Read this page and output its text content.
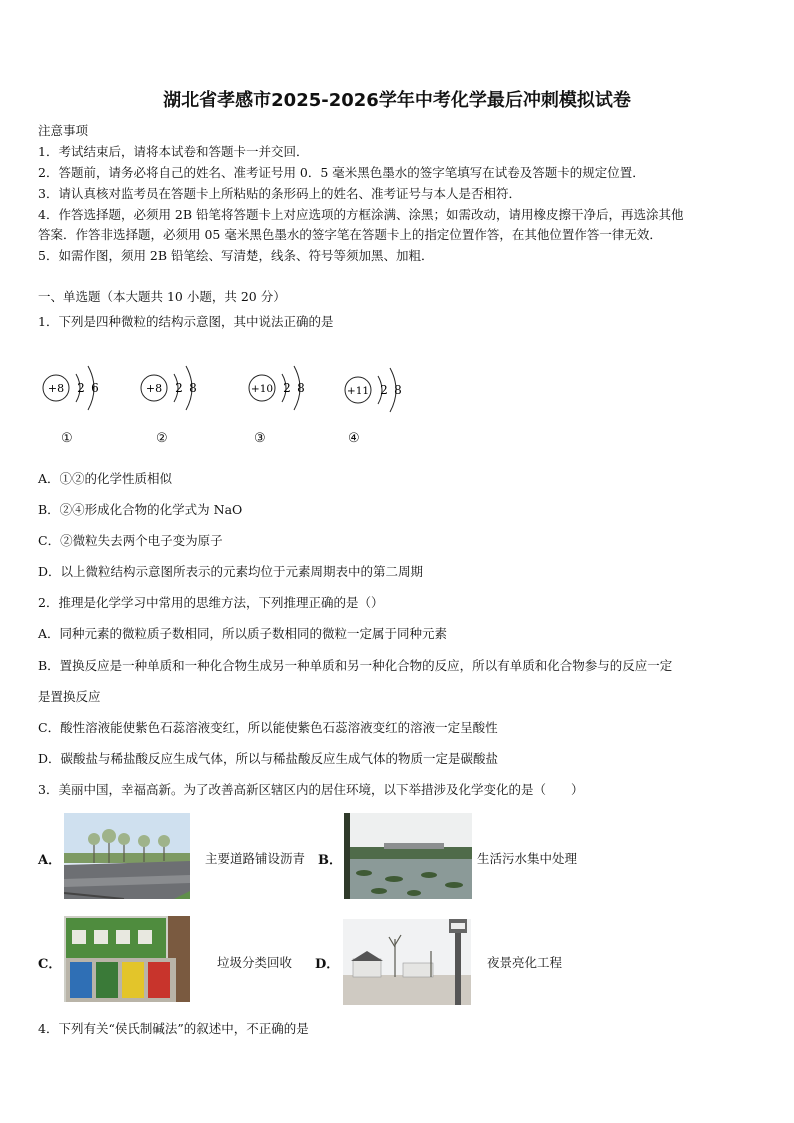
湖北省孝感市2025-2026学年中考化学最后冲刺模拟试卷
注意事项
1．考试结束后，请将本试卷和答题卡一并交回．
2．答题前，请务必将自己的姓名、准考证号用 0．5 毫米黑色墨水的签字笔填写在试卷及答题卡的规定位置．
3．请认真核对监考员在答题卡上所粘贴的条形码上的姓名、准考证号与本人是否相符．
4．作答选择题，必须用 2B 铅笔将答题卡上对应选项的方框涂满、涂黑；如需改动，请用橡皮擦干净后，再选涂其他
答案．作答非选择题，必须用 05 毫米黑色墨水的签字笔在答题卡上的指定位置作答，在其他位置作答一律无效．
5．如需作图，须用 2B 铅笔绘、写清楚，线条、符号等须加黑、加粗．
一、单选题（本大题共 10 小题，共 20 分）
1．下列是四种微粒的结构示意图，其中说法正确的是
+8 2 6	+8 2 8	+10 2 8	+11 2 8
①	②	③	④
A．①②的化学性质相似
B．②④形成化合物的化学式为 NaO
C．②微粒失去两个电子变为原子
D．以上微粒结构示意图所表示的元素均位于元素周期表中的第二周期
2．推理是化学学习中常用的思维方法，下列推理正确的是（）
A．同种元素的微粒质子数相同，所以质子数相同的微粒一定属于同种元素
B．置换反应是一种单质和一种化合物生成另一种单质和另一种化合物的反应，所以有单质和化合物参与的反应一定
是置换反应
C．酸性溶液能使紫色石蕊溶液变红，所以能使紫色石蕊溶液变红的溶液一定呈酸性
D．碳酸盐与稀盐酸反应生成气体，所以与稀盐酸反应生成气体的物质一定是碳酸盐
3．美丽中国，幸福高新。为了改善高新区辖区内的居住环境，以下举措涉及化学变化的是（　　）
A．	主要道路铺设沥青 B．	生活污水集中处理
C．	垃圾分类回收 D．	夜景亮化工程
4．下列有关“侯氏制碱法”的叙述中，不正确的是
